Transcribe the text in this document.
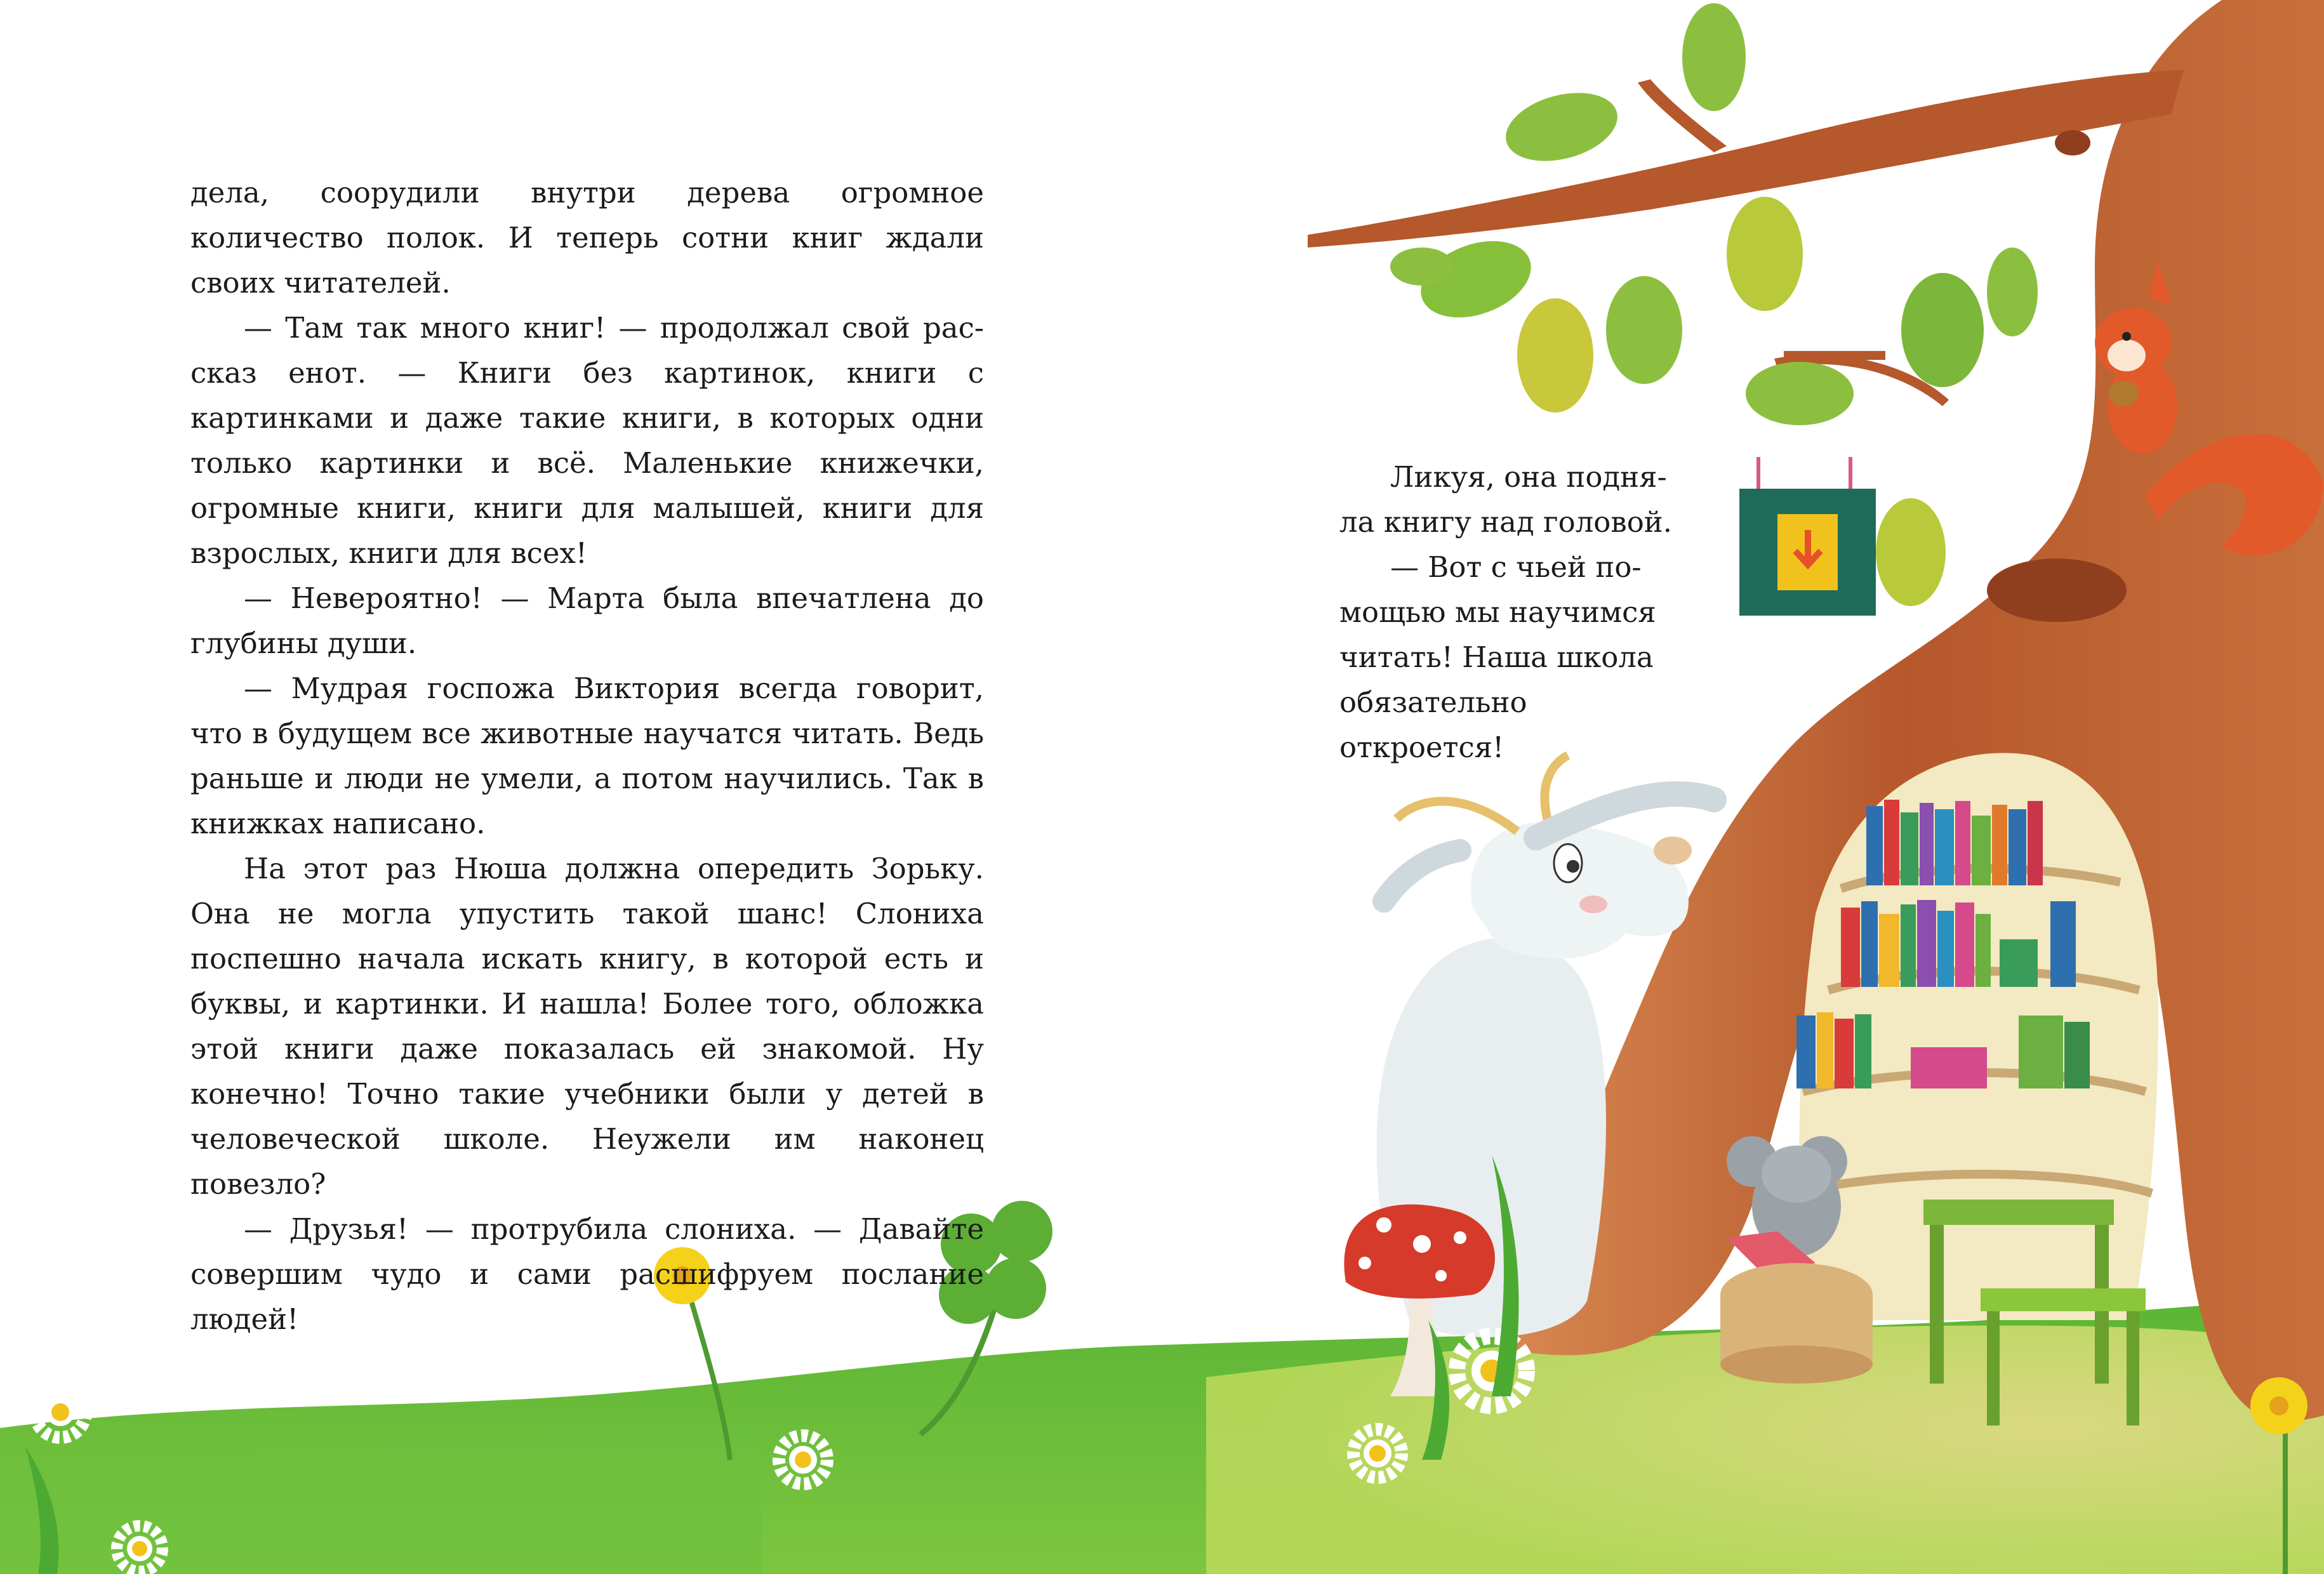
дела, соорудили внутри дерева огромное количество полок. И теперь сотни книг ждали своих читателей.

— Там так много книг! — продолжал свой рассказ енот. — Книги без картинок, книги с картинками и даже такие книги, в которых одни только картинки и всё. Маленькие книжечки, огромные книги, книги для малышей, книги для взрослых, книги для всех!

— Невероятно! — Марта была впечатлена до глубины души.

— Мудрая госпожа Виктория всегда говорит, что в будущем все животные научатся читать. Ведь раньше и люди не умели, а потом научились. Так в книжках написано.

На этот раз Нюша должна опередить Зорьку. Она не могла упустить такой шанс! Слониха поспешно начала искать книгу, в которой есть и буквы, и картинки. И нашла! Более того, обложка этой книги даже показалась ей знакомой. Ну конечно! Точно такие учебники были у детей в человеческой школе. Неужели им наконец повезло?

— Друзья! — протрубила слониха. — Давайте совершим чудо и сами расшифруем послание людей!

Ликуя, она подня-
ла книгу над головой.

— Вот с чьей по-
мощью мы научимся
читать! Наша школа
обязательно откроется!
